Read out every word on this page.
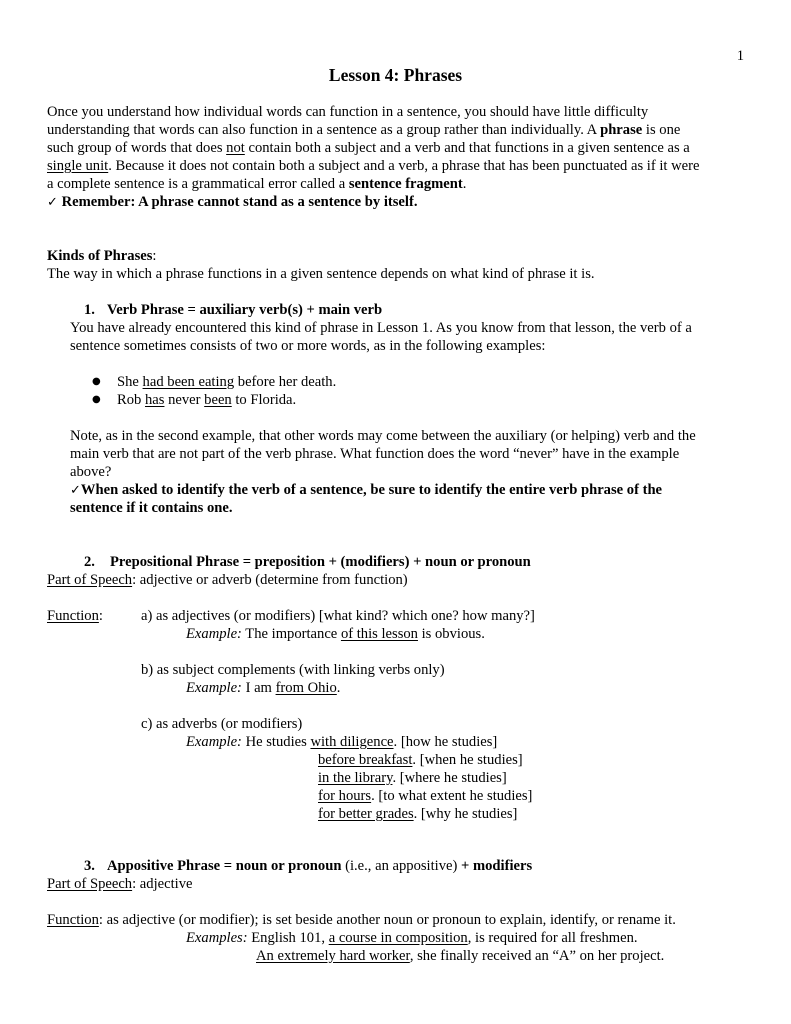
1
Lesson 4: Phrases
Once you understand how individual words can function in a sentence, you should have little difficulty
understanding that words can also function in a sentence as a group rather than individually. A phrase is one
such group of words that does not contain both a subject and a verb and that functions in a given sentence as a
single unit. Because it does not contain both a subject and a verb, a phrase that has been punctuated as if it were
a complete sentence is a grammatical error called a sentence fragment.
✓ Remember: A phrase cannot stand as a sentence by itself.
Kinds of Phrases:
The way in which a phrase functions in a given sentence depends on what kind of phrase it is.
1. Verb Phrase = auxiliary verb(s) + main verb
You have already encountered this kind of phrase in Lesson 1. As you know from that lesson, the verb of a
sentence sometimes consists of two or more words, as in the following examples:
● She had been eating before her death.
● Rob has never been to Florida.
Note, as in the second example, that other words may come between the auxiliary (or helping) verb and the
main verb that are not part of the verb phrase. What function does the word “never” have in the example
above?
✓When asked to identify the verb of a sentence, be sure to identify the entire verb phrase of the
sentence if it contains one.
2. Prepositional Phrase = preposition + (modifiers) + noun or pronoun
Part of Speech: adjective or adverb (determine from function)
Function:	a) as adjectives (or modifiers) [what kind? which one? how many?]
Example: The importance of this lesson is obvious.
b) as subject complements (with linking verbs only)
Example: I am from Ohio.
c) as adverbs (or modifiers)
Example: He studies with diligence. [how he studies]
before breakfast. [when he studies]
in the library. [where he studies]
for hours. [to what extent he studies]
for better grades. [why he studies]
3. Appositive Phrase = noun or pronoun (i.e., an appositive) + modifiers
Part of Speech: adjective
Function: as adjective (or modifier); is set beside another noun or pronoun to explain, identify, or rename it.
Examples: English 101, a course in composition, is required for all freshmen.
An extremely hard worker, she finally received an “A” on her project.
